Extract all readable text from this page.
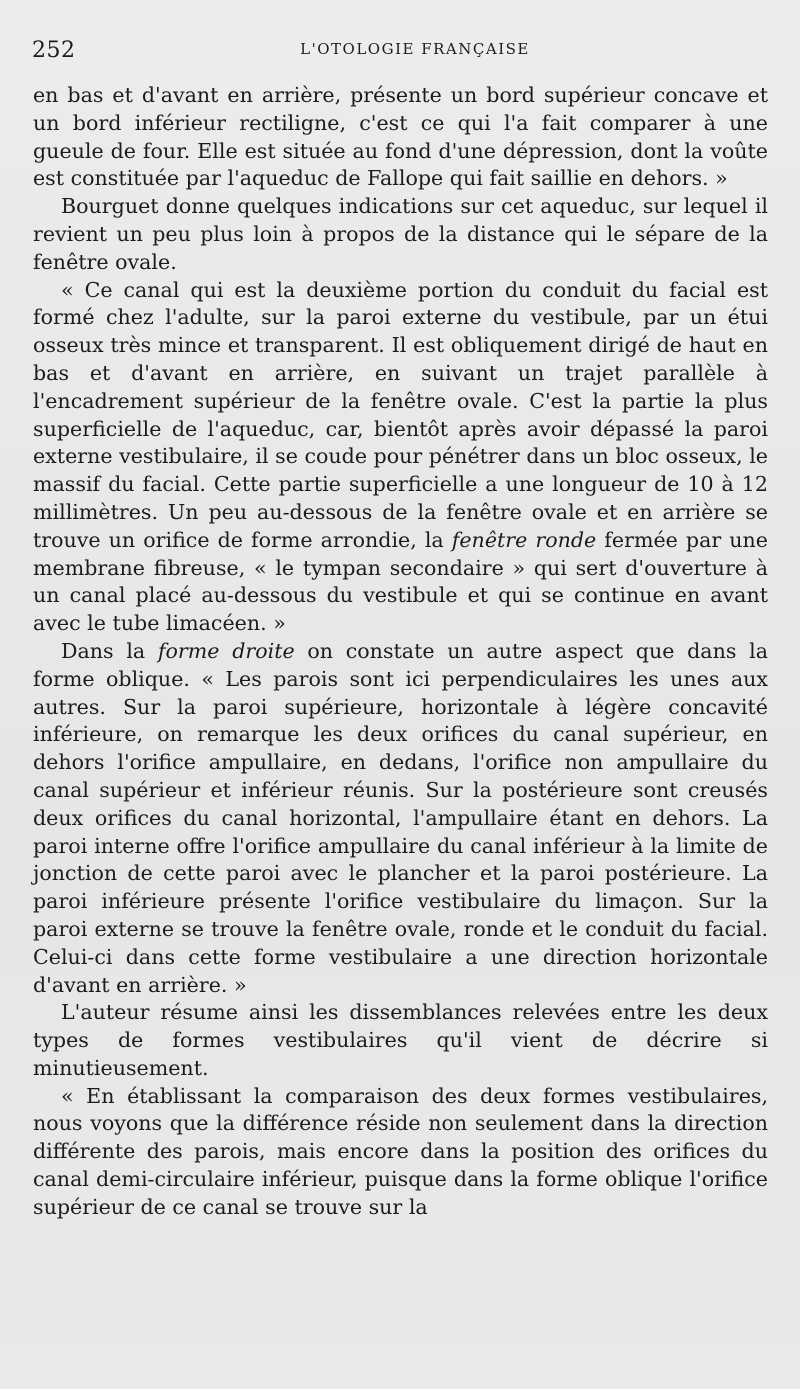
252	L'OTOLOGIE FRANÇAISE

en bas et d'avant en arrière, présente un bord supérieur concave et un bord inférieur rectiligne, c'est ce qui l'a fait comparer à une gueule de four. Elle est située au fond d'une dépression, dont la voûte est constituée par l'aqueduc de Fallope qui fait saillie en dehors. »

Bourguet donne quelques indications sur cet aqueduc, sur lequel il revient un peu plus loin à propos de la distance qui le sépare de la fenêtre ovale.

« Ce canal qui est la deuxième portion du conduit du facial est formé chez l'adulte, sur la paroi externe du vestibule, par un étui osseux très mince et transparent. Il est obliquement dirigé de haut en bas et d'avant en arrière, en suivant un trajet parallèle à l'encadrement supérieur de la fenêtre ovale. C'est la partie la plus superficielle de l'aqueduc, car, bientôt après avoir dépassé la paroi externe vestibulaire, il se coude pour pénétrer dans un bloc osseux, le massif du facial. Cette partie superficielle a une longueur de 10 à 12 millimètres. Un peu au-dessous de la fenêtre ovale et en arrière se trouve un orifice de forme arrondie, la fenêtre ronde fermée par une membrane fibreuse, « le tympan secondaire » qui sert d'ouverture à un canal placé au-dessous du vestibule et qui se continue en avant avec le tube limacéen. »

Dans la forme droite on constate un autre aspect que dans la forme oblique. « Les parois sont ici perpendiculaires les unes aux autres. Sur la paroi supérieure, horizontale à légère concavité inférieure, on remarque les deux orifices du canal supérieur, en dehors l'orifice ampullaire, en dedans, l'orifice non ampullaire du canal supérieur et inférieur réunis. Sur la postérieure sont creusés deux orifices du canal horizontal, l'ampullaire étant en dehors. La paroi interne offre l'orifice ampullaire du canal inférieur à la limite de jonction de cette paroi avec le plancher et la paroi postérieure. La paroi inférieure présente l'orifice vestibulaire du limaçon. Sur la paroi externe se trouve la fenêtre ovale, ronde et le conduit du facial. Celui-ci dans cette forme vestibulaire a une direction horizontale d'avant en arrière. »

L'auteur résume ainsi les dissemblances relevées entre les deux types de formes vestibulaires qu'il vient de décrire si minutieusement.

« En établissant la comparaison des deux formes vestibulaires, nous voyons que la différence réside non seulement dans la direction différente des parois, mais encore dans la position des orifices du canal demi-circulaire inférieur, puisque dans la forme oblique l'orifice supérieur de ce canal se trouve sur la
